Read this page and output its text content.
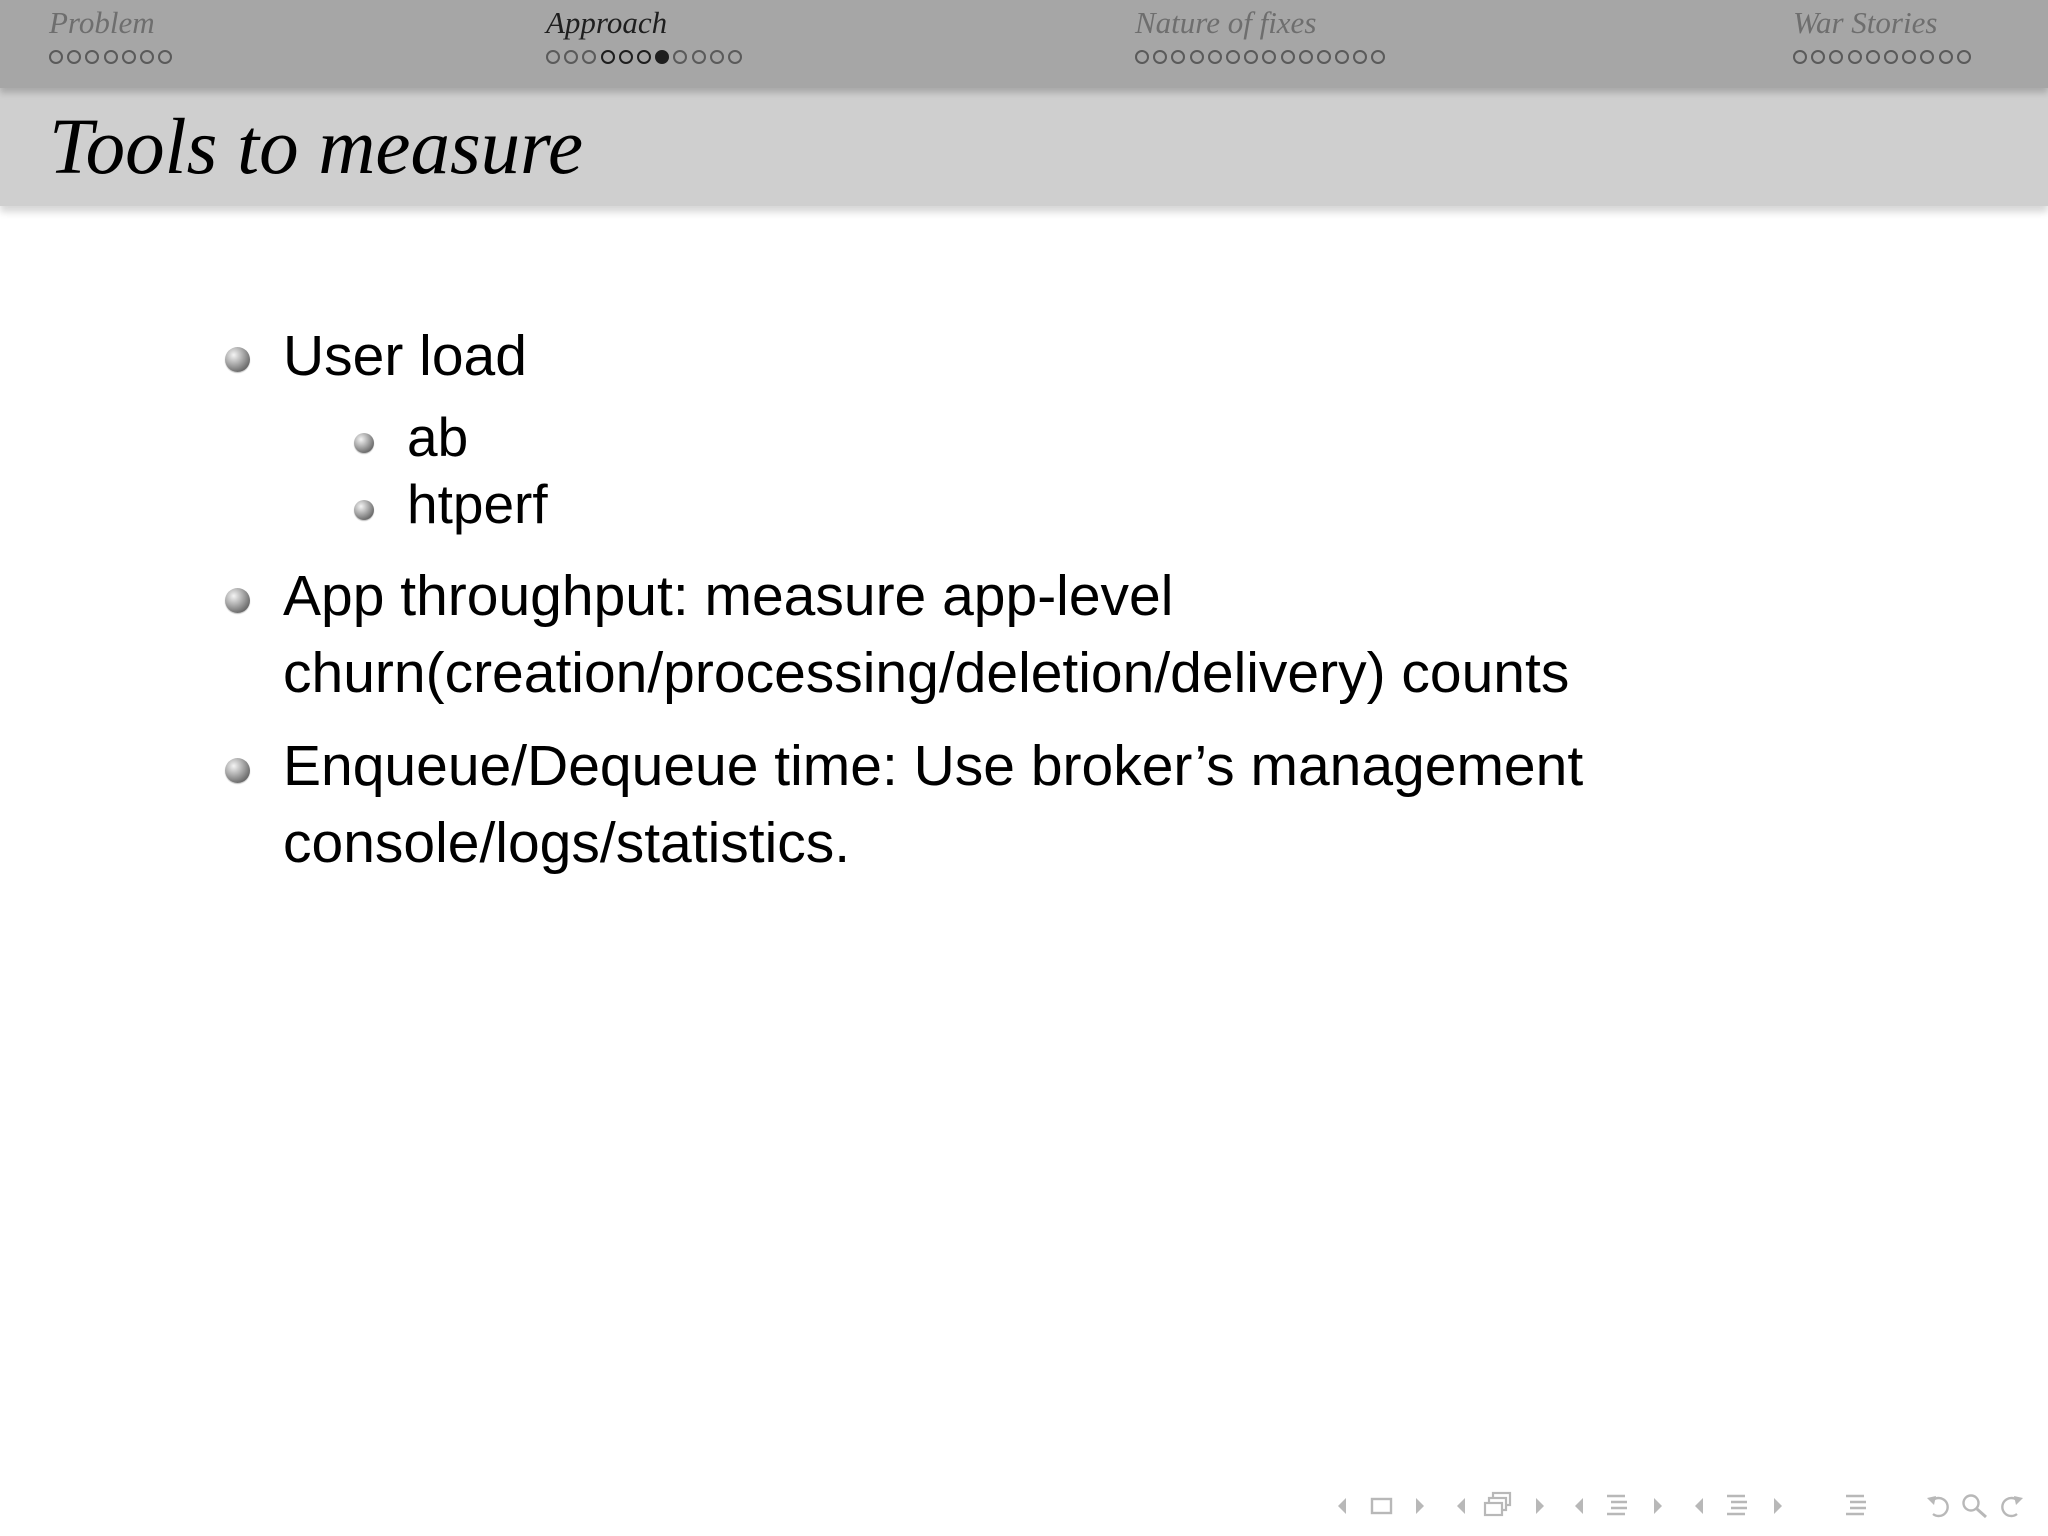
Problem	Approach	Nature of fixes	War Stories
Tools to measure
User load
ab
htperf
App throughput: measure app-level
churn(creation/processing/deletion/delivery) counts
Enqueue/Dequeue time: Use broker’s management
console/logs/statistics.
